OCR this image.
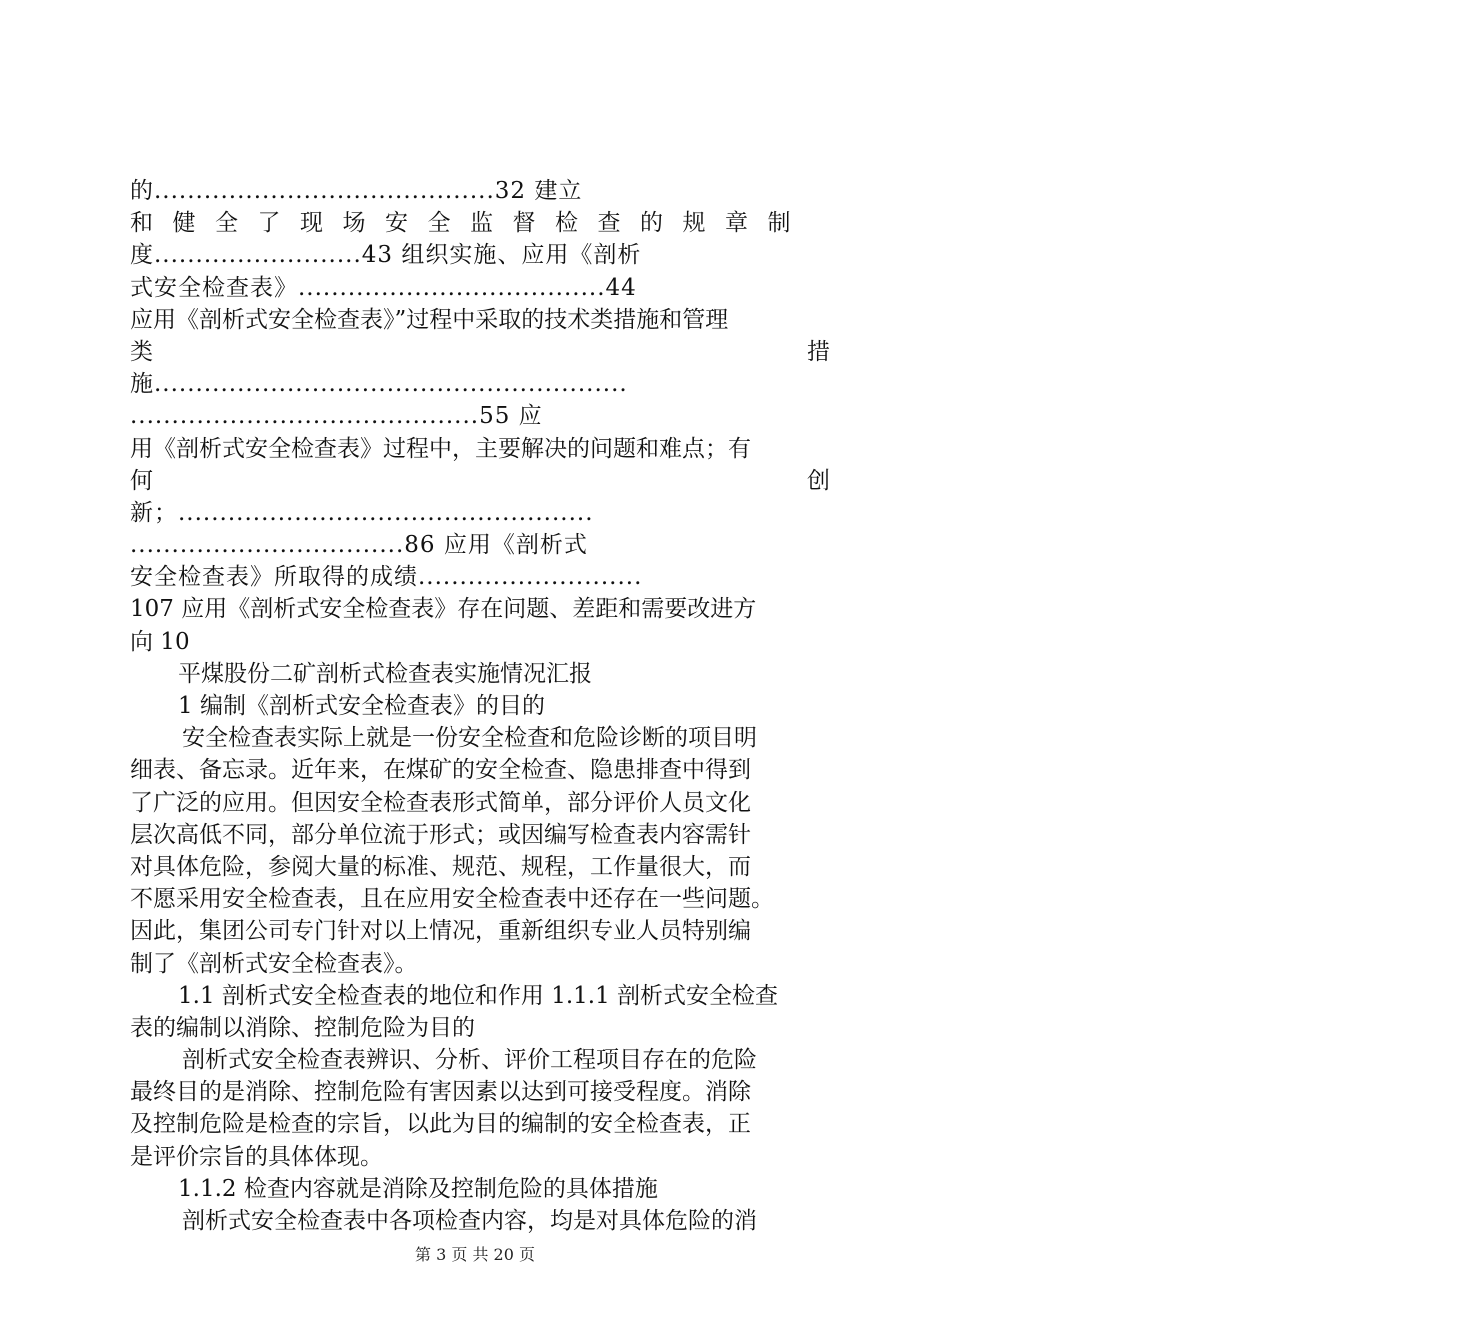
的.........................................32 建立
和健全了现场安全监督检查的规章制
度.........................43 组织实施、应用《剖析
式安全检查表》.....................................44
应用《剖析式安全检查表》”过程中采取的技术类措施和管理
类措
施.........................................................
..........................................55 应
用《剖析式安全检查表》过程中，主要解决的问题和难点；有
何创
新；..................................................
.................................86 应用《剖析式
安全检查表》所取得的成绩...........................
107 应用《剖析式安全检查表》存在问题、差距和需要改进方
向 10
平煤股份二矿剖析式检查表实施情况汇报
1 编制《剖析式安全检查表》的目的
安全检查表实际上就是一份安全检查和危险诊断的项目明
细表、备忘录。近年来，在煤矿的安全检查、隐患排查中得到
了广泛的应用。但因安全检查表形式简单，部分评价人员文化
层次高低不同，部分单位流于形式；或因编写检查表内容需针
对具体危险，参阅大量的标准、规范、规程，工作量很大，而
不愿采用安全检查表，且在应用安全检查表中还存在一些问题。
因此，集团公司专门针对以上情况，重新组织专业人员特别编
制了《剖析式安全检查表》。
1.1 剖析式安全检查表的地位和作用 1.1.1 剖析式安全检查
表的编制以消除、控制危险为目的
剖析式安全检查表辨识、分析、评价工程项目存在的危险
最终目的是消除、控制危险有害因素以达到可接受程度。消除
及控制危险是检查的宗旨，以此为目的编制的安全检查表，正
是评价宗旨的具体体现。
1.1.2 检查内容就是消除及控制危险的具体措施
剖析式安全检查表中各项检查内容，均是对具体危险的消
第 3 页 共 20 页
